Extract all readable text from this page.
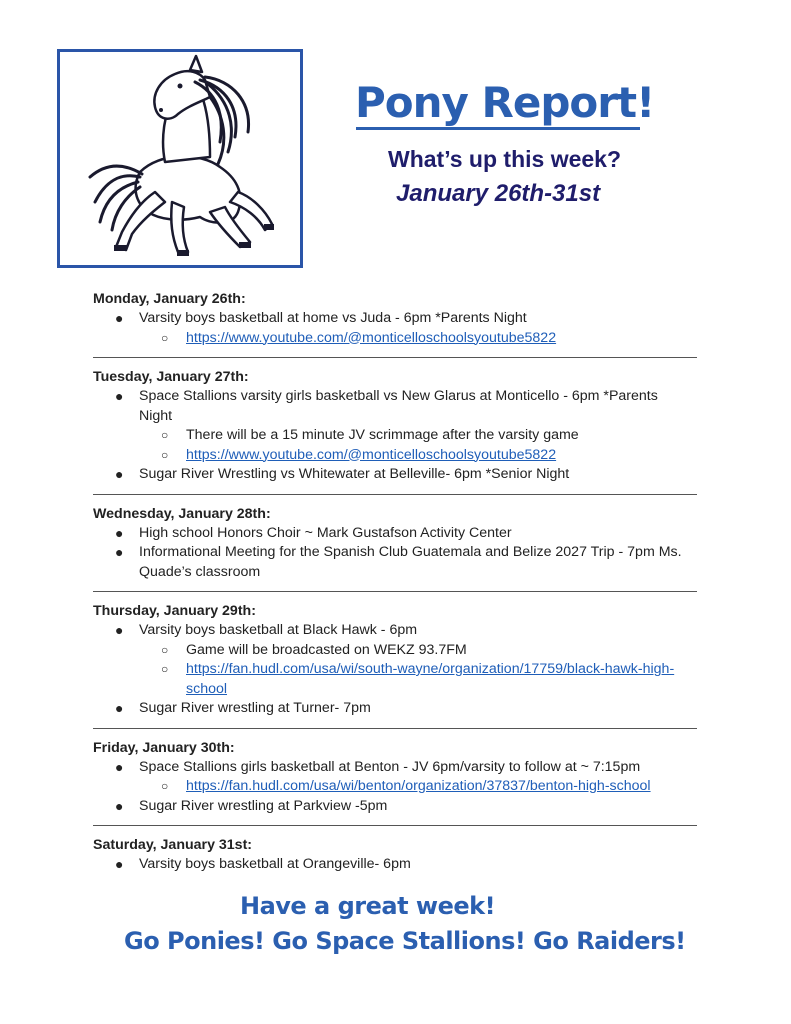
Pony Report!
What’s up this week?
January 26th-31st
Monday, January 26th:
● Varsity boys basketball at home vs Juda - 6pm *Parents Night
○ https://www.youtube.com/@monticelloschoolsyoutube5822
Tuesday, January 27th:
● Space Stallions varsity girls basketball vs New Glarus at Monticello - 6pm *Parents
Night
○ There will be a 15 minute JV scrimmage after the varsity game
○ https://www.youtube.com/@monticelloschoolsyoutube5822
● Sugar River Wrestling vs Whitewater at Belleville- 6pm *Senior Night
Wednesday, January 28th:
● High school Honors Choir ~ Mark Gustafson Activity Center
● Informational Meeting for the Spanish Club Guatemala and Belize 2027 Trip - 7pm Ms.
Quade’s classroom
Thursday, January 29th:
● Varsity boys basketball at Black Hawk - 6pm
○ Game will be broadcasted on WEKZ 93.7FM
○ https://fan.hudl.com/usa/wi/south-wayne/organization/17759/black-hawk-high-
school
● Sugar River wrestling at Turner- 7pm
Friday, January 30th:
● Space Stallions girls basketball at Benton - JV 6pm/varsity to follow at ~ 7:15pm
○ https://fan.hudl.com/usa/wi/benton/organization/37837/benton-high-school
● Sugar River wrestling at Parkview -5pm
Saturday, January 31st:
● Varsity boys basketball at Orangeville- 6pm
Have a great week!
Go Ponies! Go Space Stallions! Go Raiders!
